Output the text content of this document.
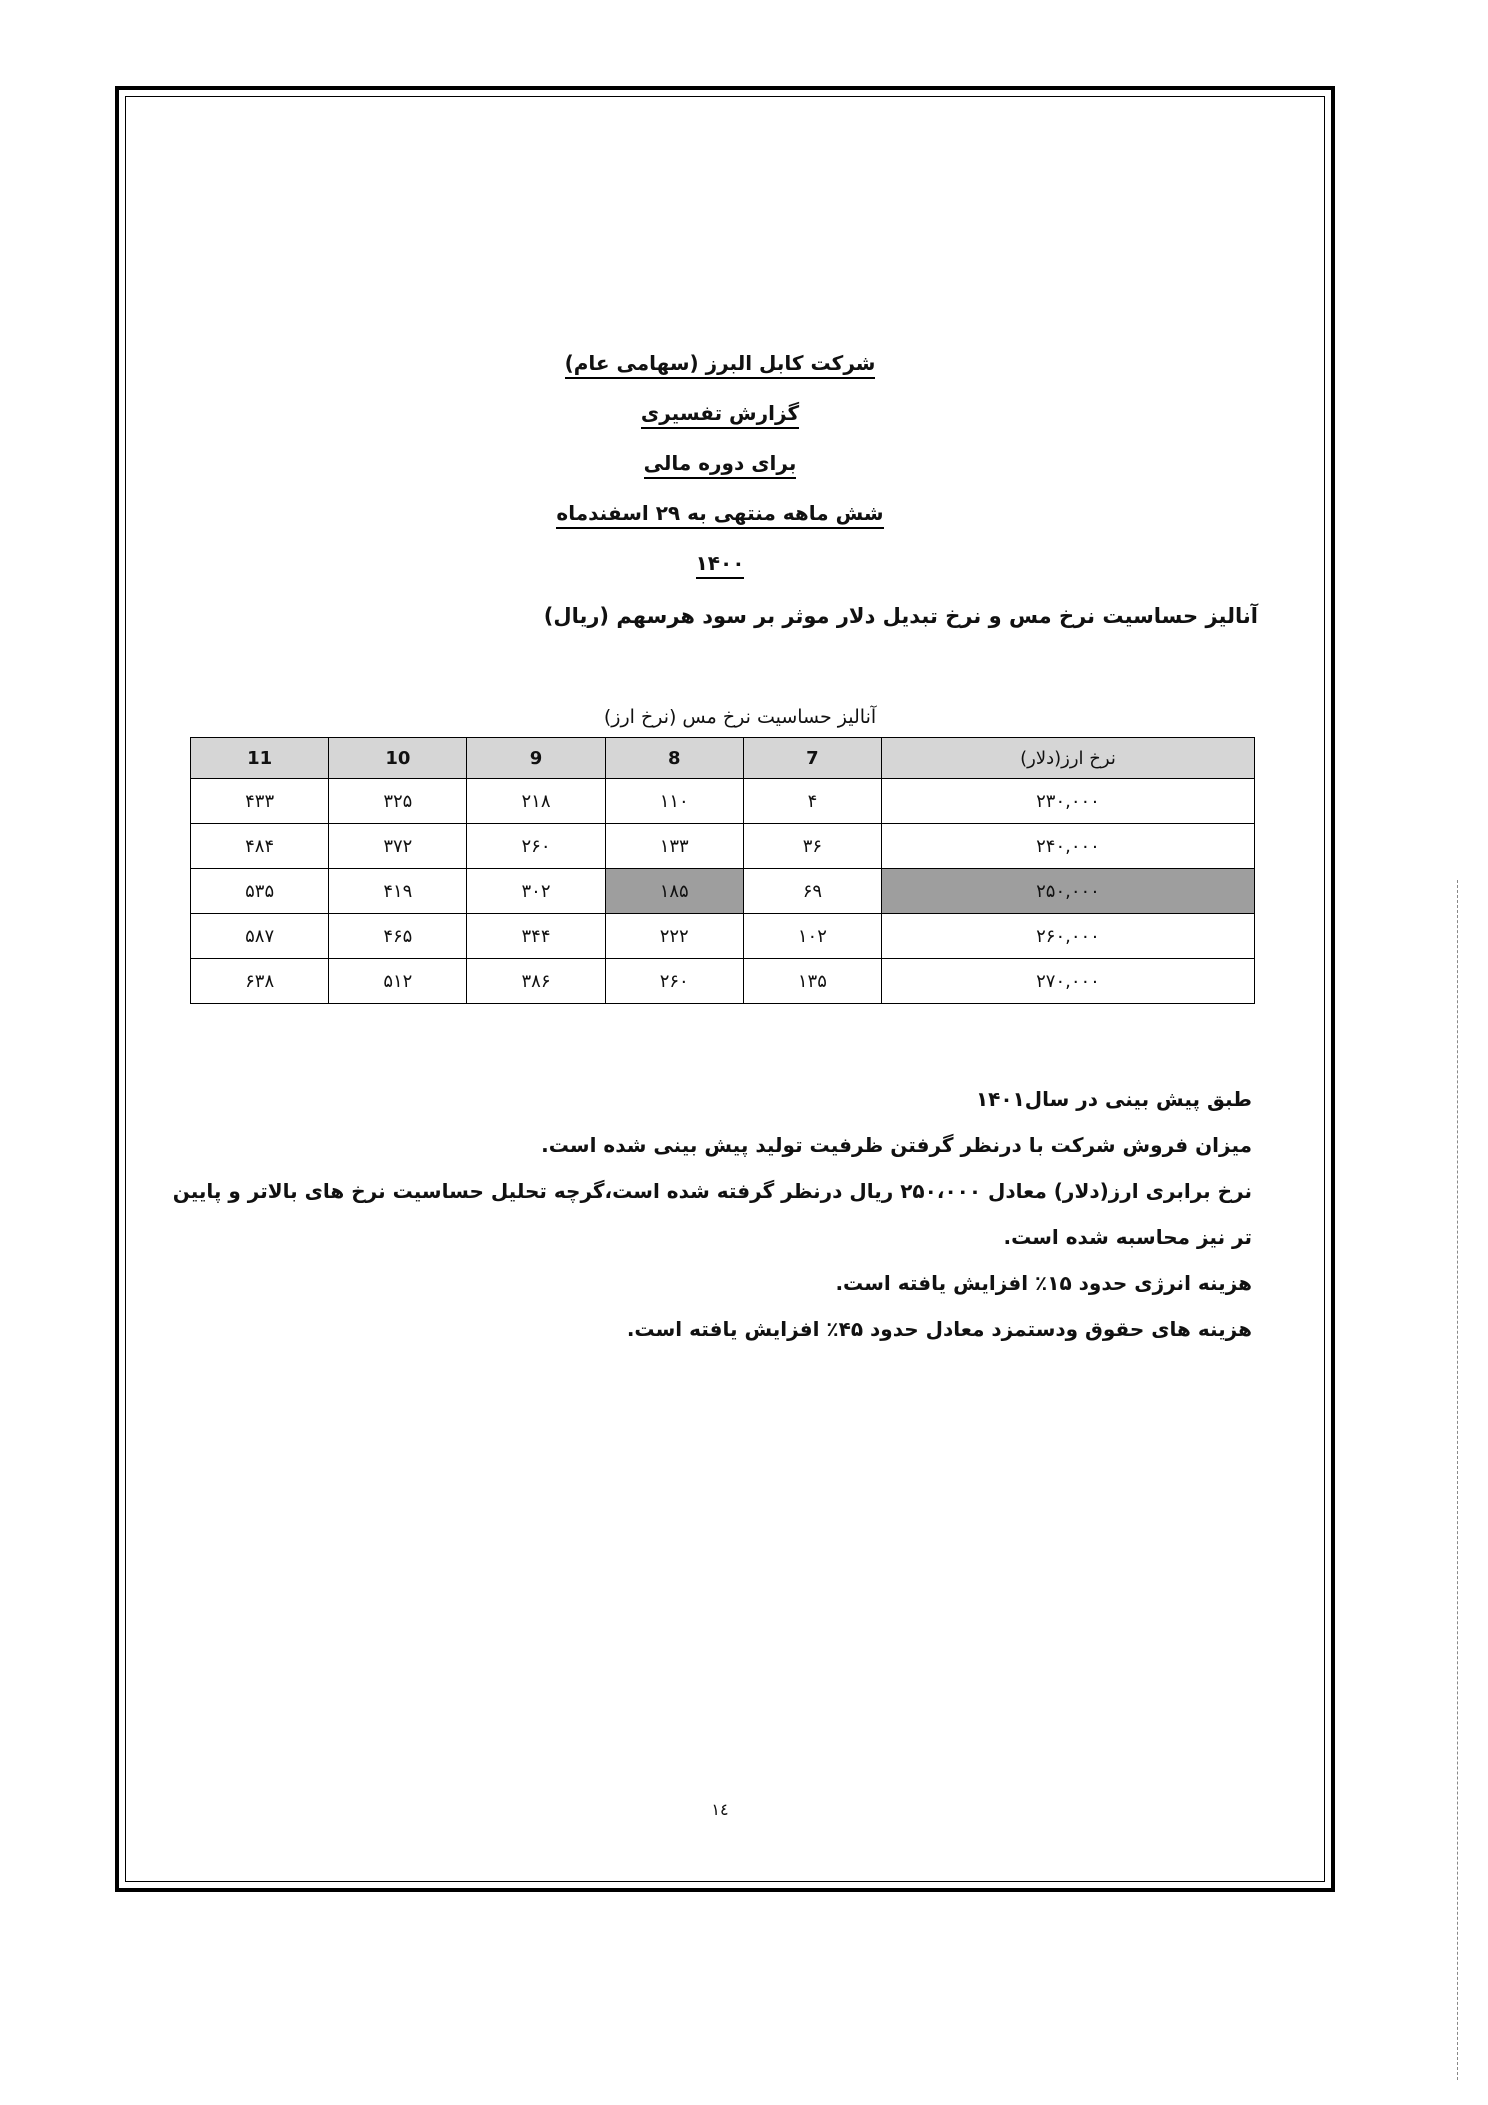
شرکت کابل البرز (سهامی عام)
گزارش تفسیری
برای دوره مالی
شش ماهه منتهی به ۲۹ اسفندماه ۱۴۰۰
آنالیز حساسیت نرخ مس و نرخ تبدیل دلار موثر بر سود هرسهم (ریال)
آنالیز حساسیت نرخ مس (نرخ ارز)
نرخ ارز(دلار)	7	8	9	10	11
۲۳۰,۰۰۰	۴	۱۱۰	۲۱۸	۳۲۵	۴۳۳
۲۴۰,۰۰۰	۳۶	۱۳۳	۲۶۰	۳۷۲	۴۸۴
۲۵۰,۰۰۰	۶۹	۱۸۵	۳۰۲	۴۱۹	۵۳۵
۲۶۰,۰۰۰	۱۰۲	۲۲۲	۳۴۴	۴۶۵	۵۸۷
۲۷۰,۰۰۰	۱۳۵	۲۶۰	۳۸۶	۵۱۲	۶۳۸

طبق پیش بینی در سال۱۴۰۱

میزان فروش شرکت با درنظر گرفتن ظرفیت تولید پیش بینی شده است.

نرخ برابری ارز(دلار) معادل ۲۵۰،۰۰۰ ریال درنظر گرفته شده است،گرچه تحلیل حساسیت نرخ های بالاتر و پایین تر نیز محاسبه شده است.

هزینه انرژی حدود ۱۵٪ افزایش یافته است.

هزینه های حقوق ودستمزد معادل حدود ۴۵٪ افزایش یافته است.

١٤
